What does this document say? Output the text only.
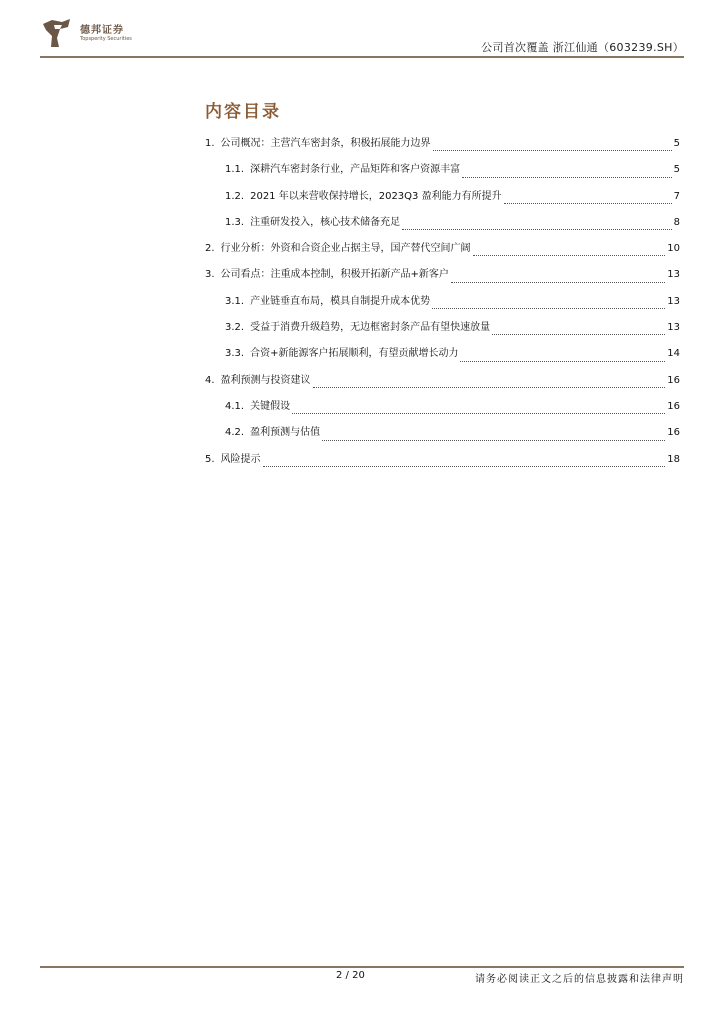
德邦证券
Topsperity Securities
公司首次覆盖 浙江仙通（603239.SH）
内容目录
1. 公司概况：主营汽车密封条，积极拓展能力边界	5
1.1. 深耕汽车密封条行业，产品矩阵和客户资源丰富	5
1.2. 2021 年以来营收保持增长，2023Q3 盈利能力有所提升	7
1.3. 注重研发投入，核心技术储备充足	8
2. 行业分析：外资和合资企业占据主导，国产替代空间广阔	10
3. 公司看点：注重成本控制，积极开拓新产品+新客户	13
3.1. 产业链垂直布局，模具自制提升成本优势	13
3.2. 受益于消费升级趋势，无边框密封条产品有望快速放量	13
3.3. 合资+新能源客户拓展顺利，有望贡献增长动力	14
4. 盈利预测与投资建议	16
4.1. 关键假设	16
4.2. 盈利预测与估值	16
5. 风险提示	18
2 / 20	请务必阅读正文之后的信息披露和法律声明
